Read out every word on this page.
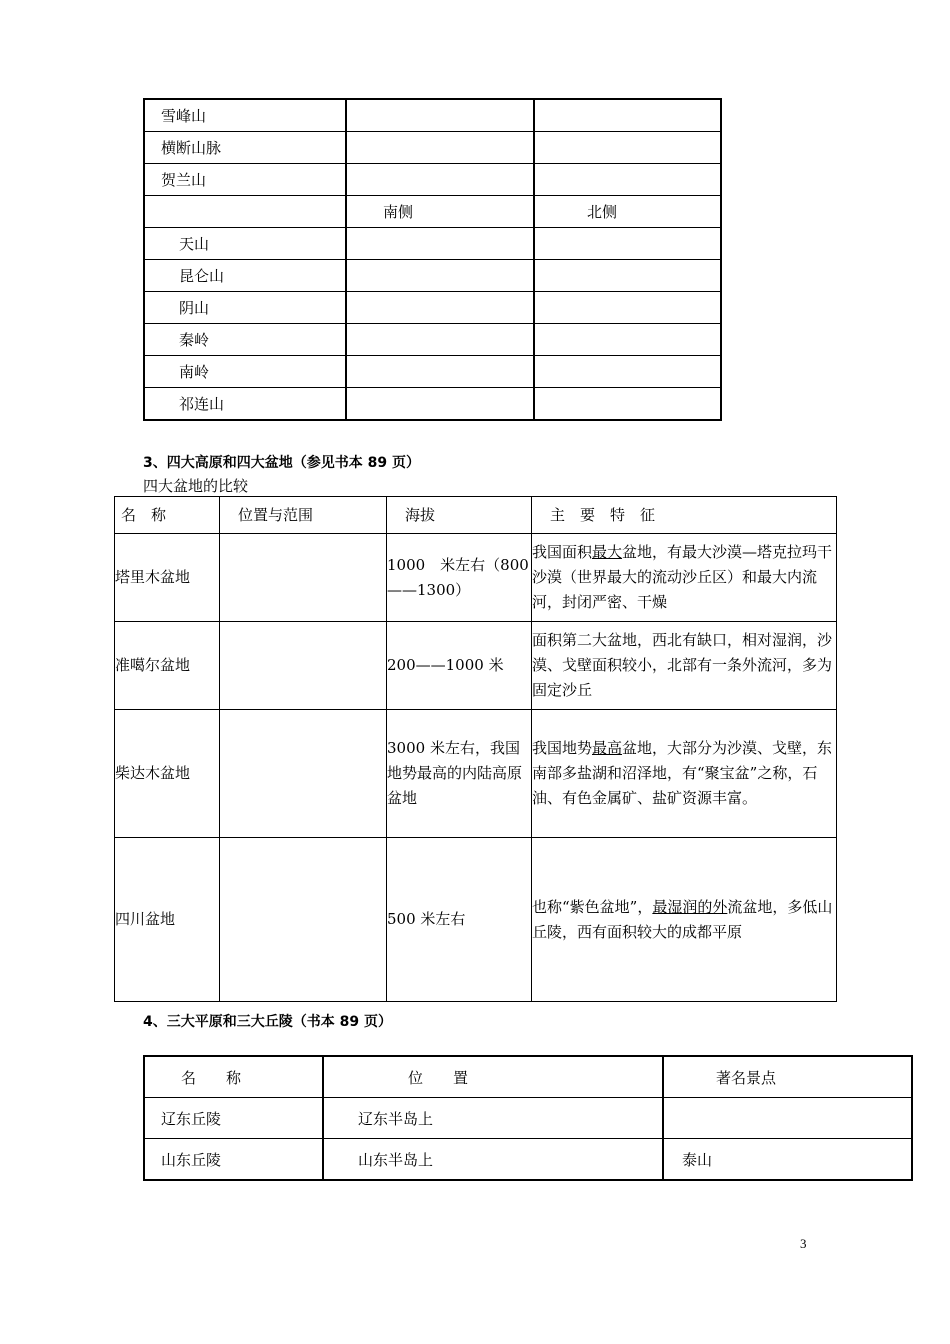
雪峰山		
横断山脉		
贺兰山		
	南侧	北侧
天山		
昆仑山		
阴山		
秦岭		
南岭		
祁连山		
3、四大高原和四大盆地（参见书本 89 页）
四大盆地的比较
名　称	位置与范围	海拔	主　要　特　征
塔里木盆地		1000　米左右（800——1300）	我国面积最大盆地，有最大沙漠—塔克拉玛干沙漠（世界最大的流动沙丘区）和最大内流河，封闭严密、干燥
准噶尔盆地		200——1000 米	面积第二大盆地，西北有缺口，相对湿润，沙漠、戈壁面积较小，北部有一条外流河，多为固定沙丘
柴达木盆地		3000 米左右，我国地势最高的内陆高原盆地	我国地势最高盆地，大部分为沙漠、戈壁，东南部多盐湖和沼泽地，有“聚宝盆”之称，石油、有色金属矿、盐矿资源丰富。
四川盆地		500 米左右	也称“紫色盆地”，最湿润的外流盆地，多低山丘陵，西有面积较大的成都平原
4、三大平原和三大丘陵（书本 89 页）
名　　称	位　　置	著名景点
辽东丘陵	辽东半岛上	
山东丘陵	山东半岛上	泰山
3
